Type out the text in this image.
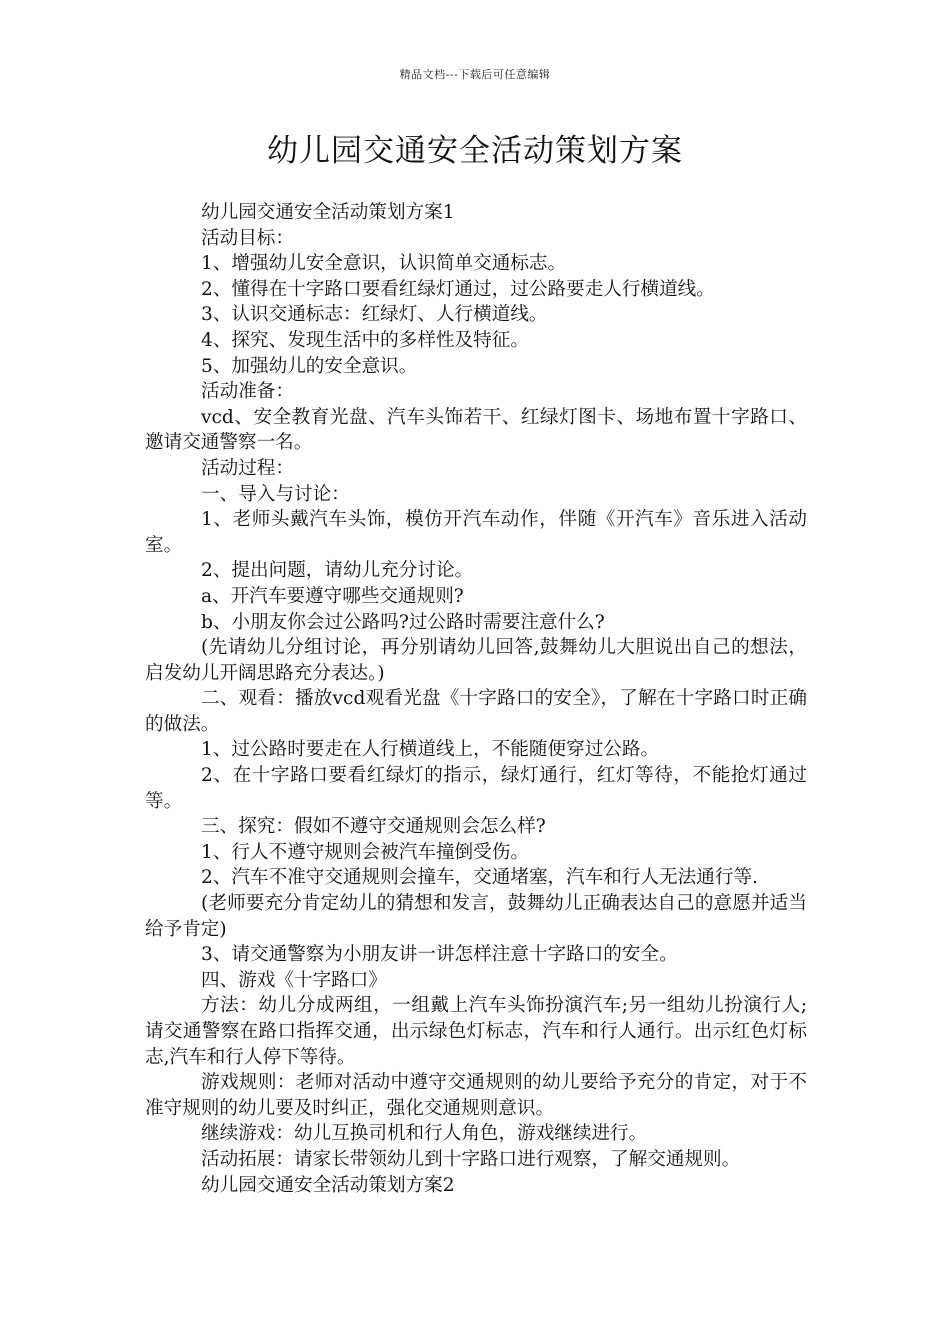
精品文档---下载后可任意编辑
幼儿园交通安全活动策划方案

幼儿园交通安全活动策划方案1

活动目标：

1、增强幼儿安全意识，认识简单交通标志。

2、懂得在十字路口要看红绿灯通过，过公路要走人行横道线。

3、认识交通标志：红绿灯、人行横道线。

4、探究、发现生活中的多样性及特征。

5、加强幼儿的安全意识。

活动准备：

vcd、安全教育光盘、汽车头饰若干、红绿灯图卡、场地布置十字路口、邀请交通警察一名。

活动过程：

一、导入与讨论：

1、老师头戴汽车头饰，模仿开汽车动作，伴随《开汽车》音乐进入活动室。

2、提出问题，请幼儿充分讨论。

a、开汽车要遵守哪些交通规则?

b、小朋友你会过公路吗?过公路时需要注意什么?

(先请幼儿分组讨论，再分别请幼儿回答,鼓舞幼儿大胆说出自己的想法，启发幼儿开阔思路充分表达。)

二、观看：播放vcd观看光盘《十字路口的安全》，了解在十字路口时正确的做法。

1、过公路时要走在人行横道线上，不能随便穿过公路。

2、在十字路口要看红绿灯的指示，绿灯通行，红灯等待，不能抢灯通过等。

三、探究：假如不遵守交通规则会怎么样?

1、行人不遵守规则会被汽车撞倒受伤。

2、汽车不准守交通规则会撞车，交通堵塞，汽车和行人无法通行等.

(老师要充分肯定幼儿的猜想和发言，鼓舞幼儿正确表达自己的意愿并适当给予肯定)

3、请交通警察为小朋友讲一讲怎样注意十字路口的安全。

四、游戏《十字路口》

方法：幼儿分成两组，一组戴上汽车头饰扮演汽车;另一组幼儿扮演行人;请交通警察在路口指挥交通，出示绿色灯标志，汽车和行人通行。出示红色灯标志,汽车和行人停下等待。

游戏规则：老师对活动中遵守交通规则的幼儿要给予充分的肯定，对于不准守规则的幼儿要及时纠正，强化交通规则意识。

继续游戏：幼儿互换司机和行人角色，游戏继续进行。

活动拓展：请家长带领幼儿到十字路口进行观察，了解交通规则。

幼儿园交通安全活动策划方案2
